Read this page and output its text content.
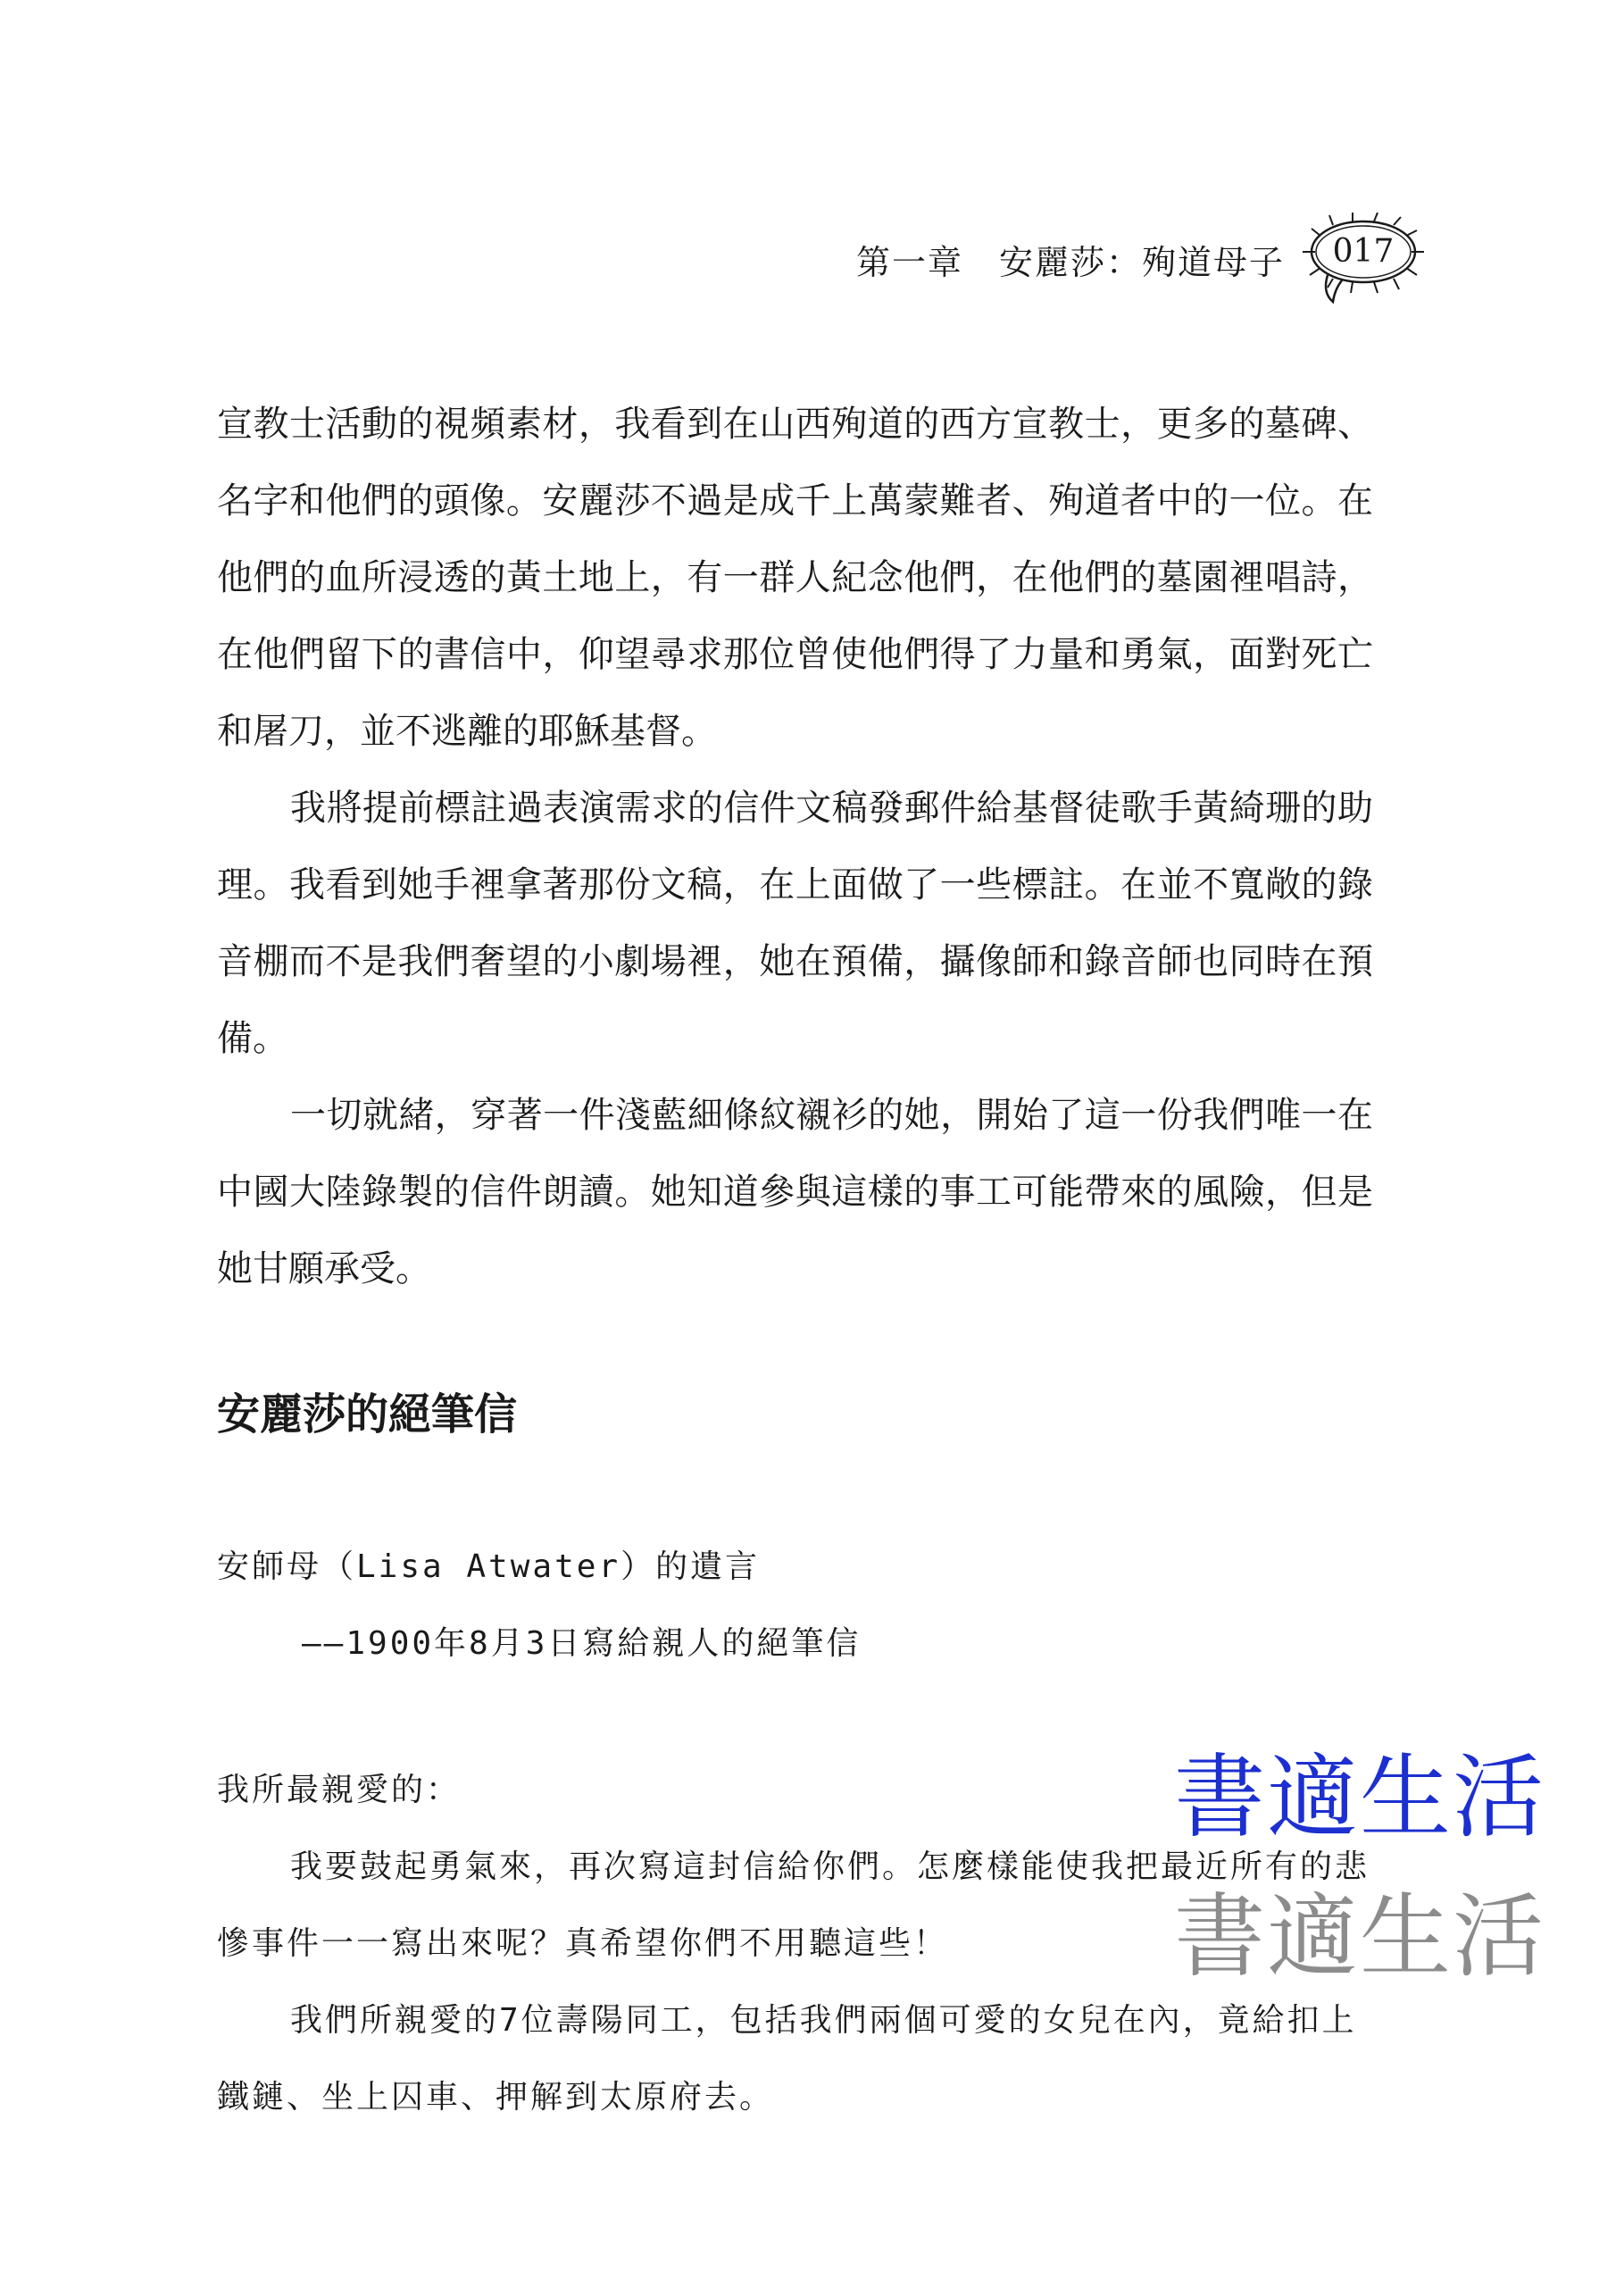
第一章　安麗莎：殉道母子	017

宣教士活動的視頻素材，我看到在山西殉道的西方宣教士，更多的墓碑、名字和他們的頭像。安麗莎不過是成千上萬蒙難者、殉道者中的一位。在他們的血所浸透的黃土地上，有一群人紀念他們，在他們的墓園裡唱詩，在他們留下的書信中，仰望尋求那位曾使他們得了力量和勇氣，面對死亡和屠刀，並不逃離的耶穌基督。

我將提前標註過表演需求的信件文稿發郵件給基督徒歌手黃綺珊的助理。我看到她手裡拿著那份文稿，在上面做了一些標註。在並不寬敞的錄音棚而不是我們奢望的小劇場裡，她在預備，攝像師和錄音師也同時在預備。

一切就緒，穿著一件淺藍細條紋襯衫的她，開始了這一份我們唯一在中國大陸錄製的信件朗讀。她知道參與這樣的事工可能帶來的風險，但是她甘願承受。

安麗莎的絕筆信

安師母（Lisa Atwater）的遺言

——1900年8月3日寫給親人的絕筆信

我所最親愛的：

我要鼓起勇氣來，再次寫這封信給你們。怎麼樣能使我把最近所有的悲慘事件一一寫出來呢？真希望你們不用聽這些！

我們所親愛的7位壽陽同工，包括我們兩個可愛的女兒在內，竟給扣上鐵鏈、坐上囚車、押解到太原府去。

書適生活
書適生活
